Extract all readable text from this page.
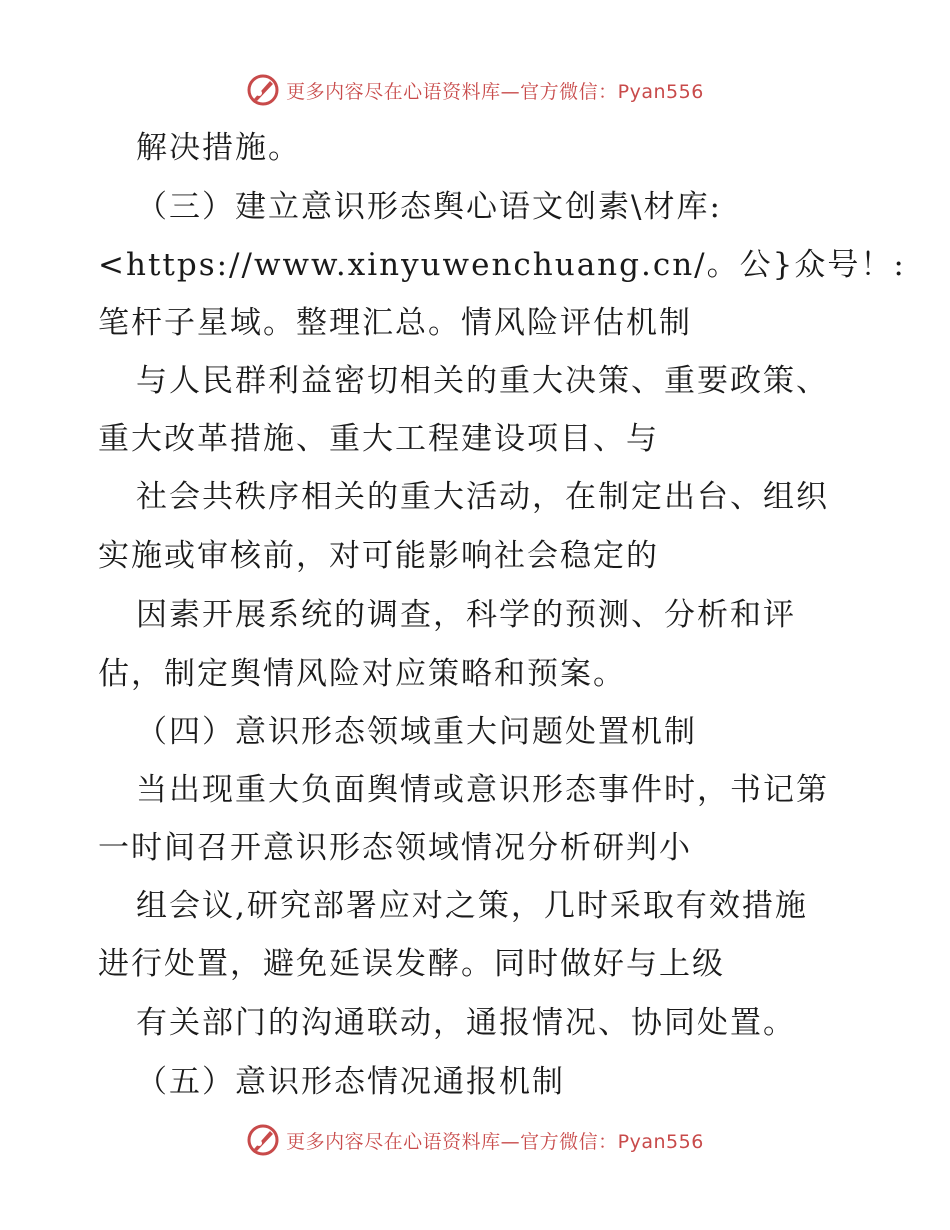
更多内容尽在心语资料库—官方微信：Pyan556
解决措施。
（三）建立意识形态舆心语文创素\材库:
<https://www.xinyuwenchuang.cn/。公}众号！:
笔杆子星域。整理汇总。情风险评估机制
与人民群利益密切相关的重大决策、重要政策、
重大改革措施、重大工程建设项目、与
社会共秩序相关的重大活动，在制定出台、组织
实施或审核前，对可能影响社会稳定的
因素开展系统的调查，科学的预测、分析和评
估，制定舆情风险对应策略和预案。
（四）意识形态领域重大问题处置机制
当出现重大负面舆情或意识形态事件时，书记第
一时间召开意识形态领域情况分析研判小
组会议,研究部署应对之策，几时采取有效措施
进行处置，避免延误发酵。同时做好与上级
有关部门的沟通联动，通报情况、协同处置。
（五）意识形态情况通报机制
更多内容尽在心语资料库—官方微信：Pyan556
